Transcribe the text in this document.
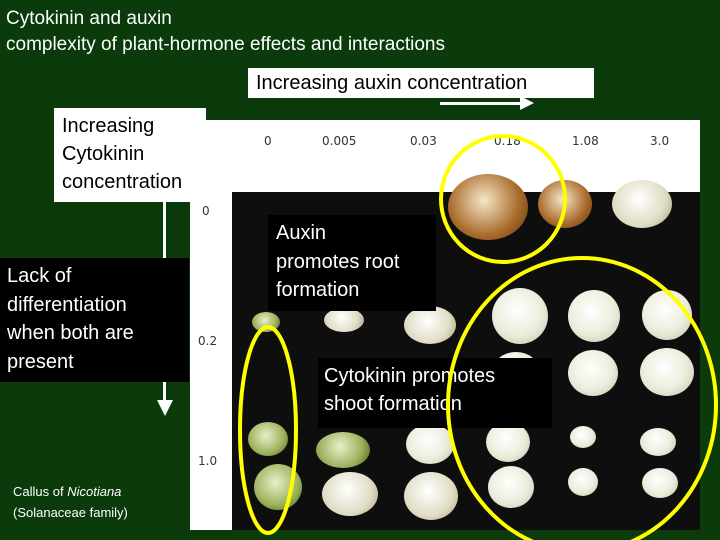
Cytokinin and auxin
complexity of plant-hormone effects and interactions
Increasing auxin concentration
0	0.005	0.03	0.18	1.08	3.0
0
0.2
1.0
Increasing
Cytokinin
concentration
Lack of
differentiation
when both are
present
Auxin
promotes root
formation
Cytokinin promotes
shoot formation
Callus of Nicotiana
(Solanaceae family)
